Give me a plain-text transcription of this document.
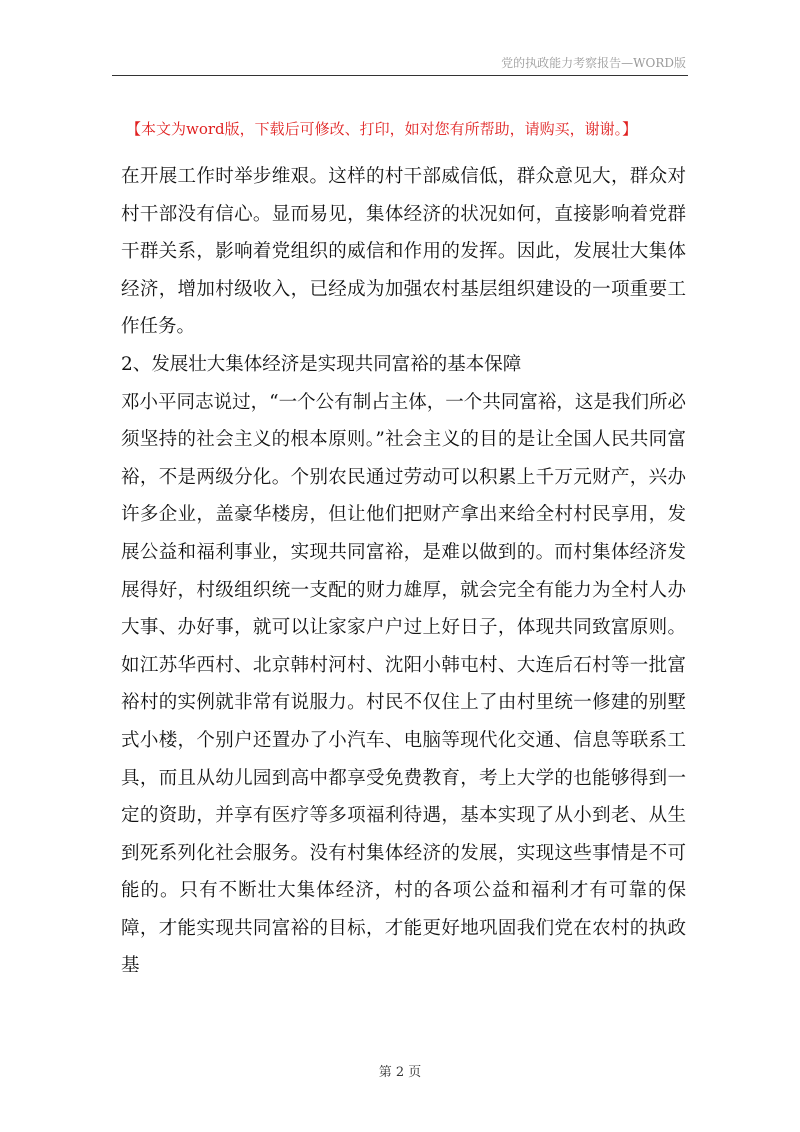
党的执政能力考察报告—WORD版
【本文为word版，下载后可修改、打印，如对您有所帮助，请购买，谢谢。】

在开展工作时举步维艰。这样的村干部威信低，群众意见大，群众对村干部没有信心。显而易见，集体经济的状况如何，直接影响着党群干群关系，影响着党组织的威信和作用的发挥。因此，发展壮大集体经济，增加村级收入，已经成为加强农村基层组织建设的一项重要工作任务。

2、发展壮大集体经济是实现共同富裕的基本保障

邓小平同志说过，“一个公有制占主体，一个共同富裕，这是我们所必须坚持的社会主义的根本原则。”社会主义的目的是让全国人民共同富裕，不是两级分化。个别农民通过劳动可以积累上千万元财产，兴办许多企业，盖豪华楼房，但让他们把财产拿出来给全村村民享用，发展公益和福利事业，实现共同富裕，是难以做到的。而村集体经济发展得好，村级组织统一支配的财力雄厚，就会完全有能力为全村人办大事、办好事，就可以让家家户户过上好日子，体现共同致富原则。如江苏华西村、北京韩村河村、沈阳小韩屯村、大连后石村等一批富裕村的实例就非常有说服力。村民不仅住上了由村里统一修建的别墅式小楼，个别户还置办了小汽车、电脑等现代化交通、信息等联系工具，而且从幼儿园到高中都享受免费教育，考上大学的也能够得到一定的资助，并享有医疗等多项福利待遇，基本实现了从小到老、从生到死系列化社会服务。没有村集体经济的发展，实现这些事情是不可能的。只有不断壮大集体经济，村的各项公益和福利才有可靠的保障，才能实现共同富裕的目标，才能更好地巩固我们党在农村的执政基

第 2 页
